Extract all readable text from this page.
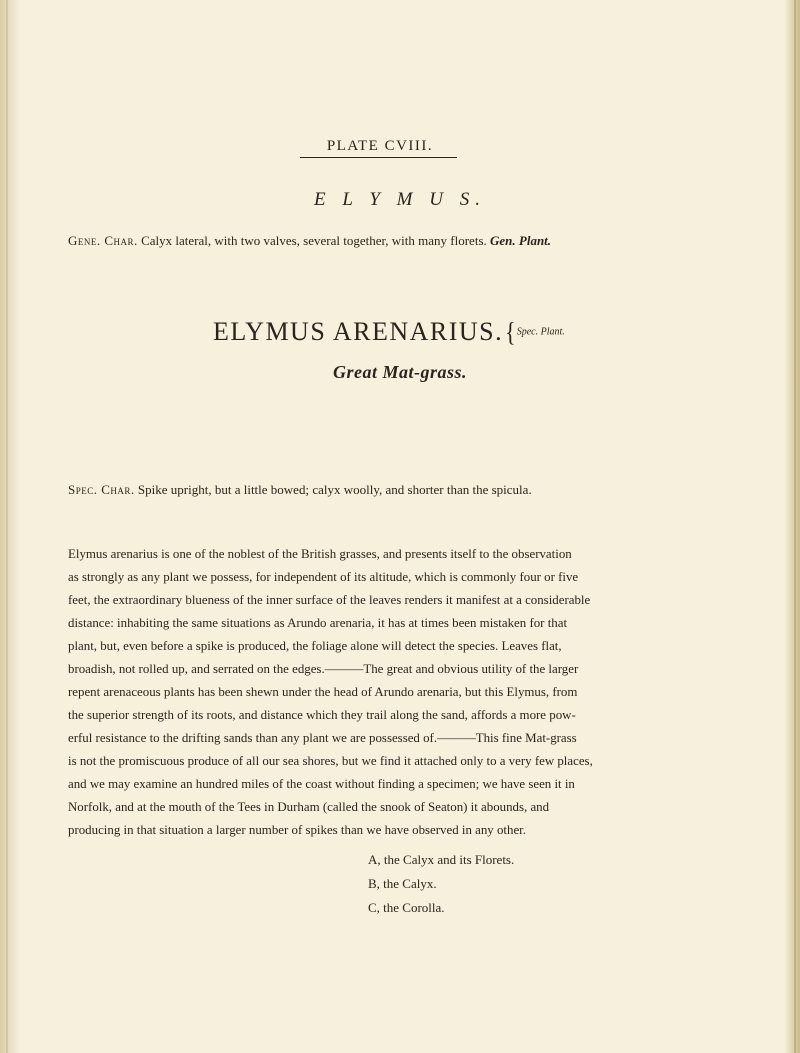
PLATE CVIII.
E L Y M U S.
Gene. Char. Calyx lateral, with two valves, several together, with many florets. Gen. Plant.
ELYMUS ARENARIUS.{Spec. Plant.
Great Mat-grass.
Spec. Char. Spike upright, but a little bowed; calyx woolly, and shorter than the spicula.
Elymus arenarius is one of the noblest of the British grasses, and presents itself to the observation
as strongly as any plant we possess, for independent of its altitude, which is commonly four or five
feet, the extraordinary blueness of the inner surface of the leaves renders it manifest at a considerable
distance: inhabiting the same situations as Arundo arenaria, it has at times been mistaken for that
plant, but, even before a spike is produced, the foliage alone will detect the species. Leaves flat,
broadish, not rolled up, and serrated on the edges.———The great and obvious utility of the larger
repent arenaceous plants has been shewn under the head of Arundo arenaria, but this Elymus, from
the superior strength of its roots, and distance which they trail along the sand, affords a more pow-
erful resistance to the drifting sands than any plant we are possessed of.———This fine Mat-grass
is not the promiscuous produce of all our sea shores, but we find it attached only to a very few places,
and we may examine an hundred miles of the coast without finding a specimen; we have seen it in
Norfolk, and at the mouth of the Tees in Durham (called the snook of Seaton) it abounds, and
producing in that situation a larger number of spikes than we have observed in any other.
A, the Calyx and its Florets.
B, the Calyx.
C, the Corolla.
